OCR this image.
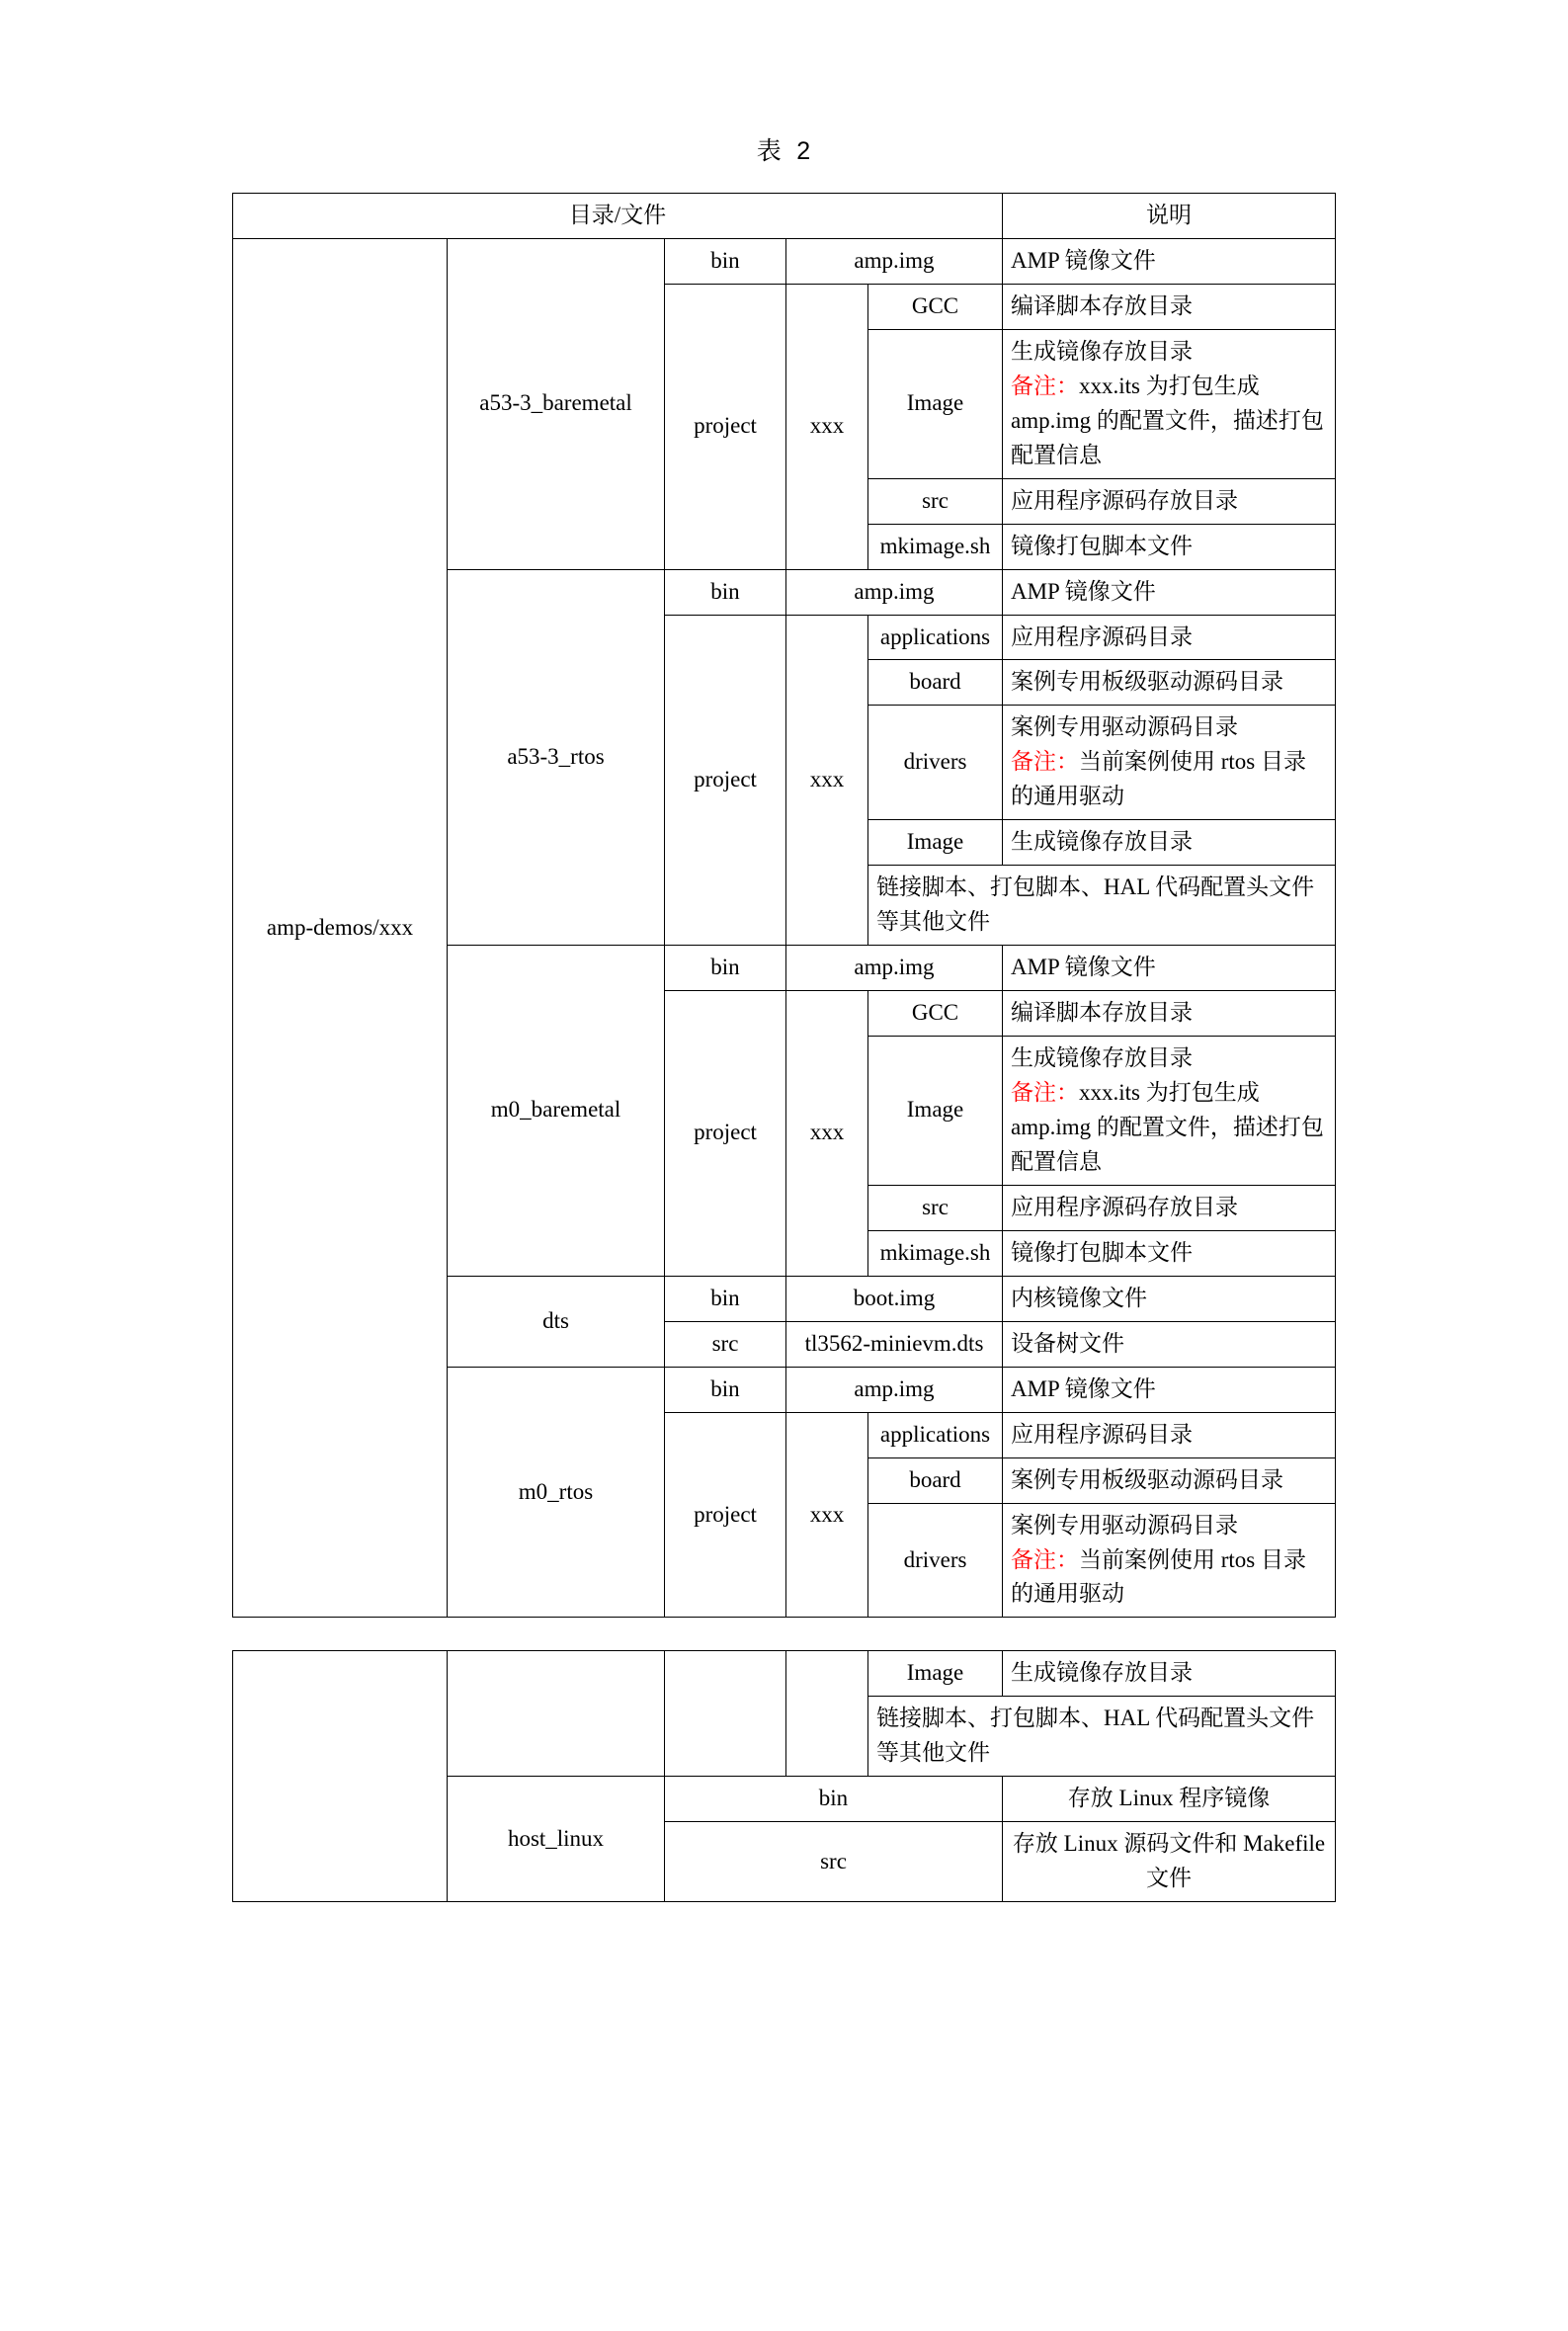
表 2
目录/文件					说明
amp-demos/xxx	a53-3_baremetal	bin	amp.img		AMP 镜像文件
		project	xxx	GCC	编译脚本存放目录
				Image	生成镜像存放目录
备注：xxx.its 为打包生成 amp.img 的配置文件，描述打包配置信息
				src	应用程序源码存放目录
				mkimage.sh	镜像打包脚本文件
	a53-3_rtos	bin	amp.img		AMP 镜像文件
		project	xxx	applications	应用程序源码目录
				board	案例专用板级驱动源码目录
				drivers	案例专用驱动源码目录
备注：当前案例使用 rtos 目录的通用驱动
				Image	生成镜像存放目录
				链接脚本、打包脚本、HAL 代码配置头文件等其他文件	
	m0_baremetal	bin	amp.img		AMP 镜像文件
		project	xxx	GCC	编译脚本存放目录
				Image	生成镜像存放目录
备注：xxx.its 为打包生成 amp.img 的配置文件，描述打包配置信息
				src	应用程序源码存放目录
				mkimage.sh	镜像打包脚本文件
	dts	bin	boot.img		内核镜像文件
		src	tl3562-minievm.dts		设备树文件
	m0_rtos	bin	amp.img		AMP 镜像文件
		project	xxx	applications	应用程序源码目录
				board	案例专用板级驱动源码目录
				drivers	案例专用驱动源码目录
备注：当前案例使用 rtos 目录的通用驱动
				Image	生成镜像存放目录
				链接脚本、打包脚本、HAL 代码配置头文件等其他文件	
	host_linux	bin			存放 Linux 程序镜像
		src			存放 Linux 源码文件和 Makefile 文件
